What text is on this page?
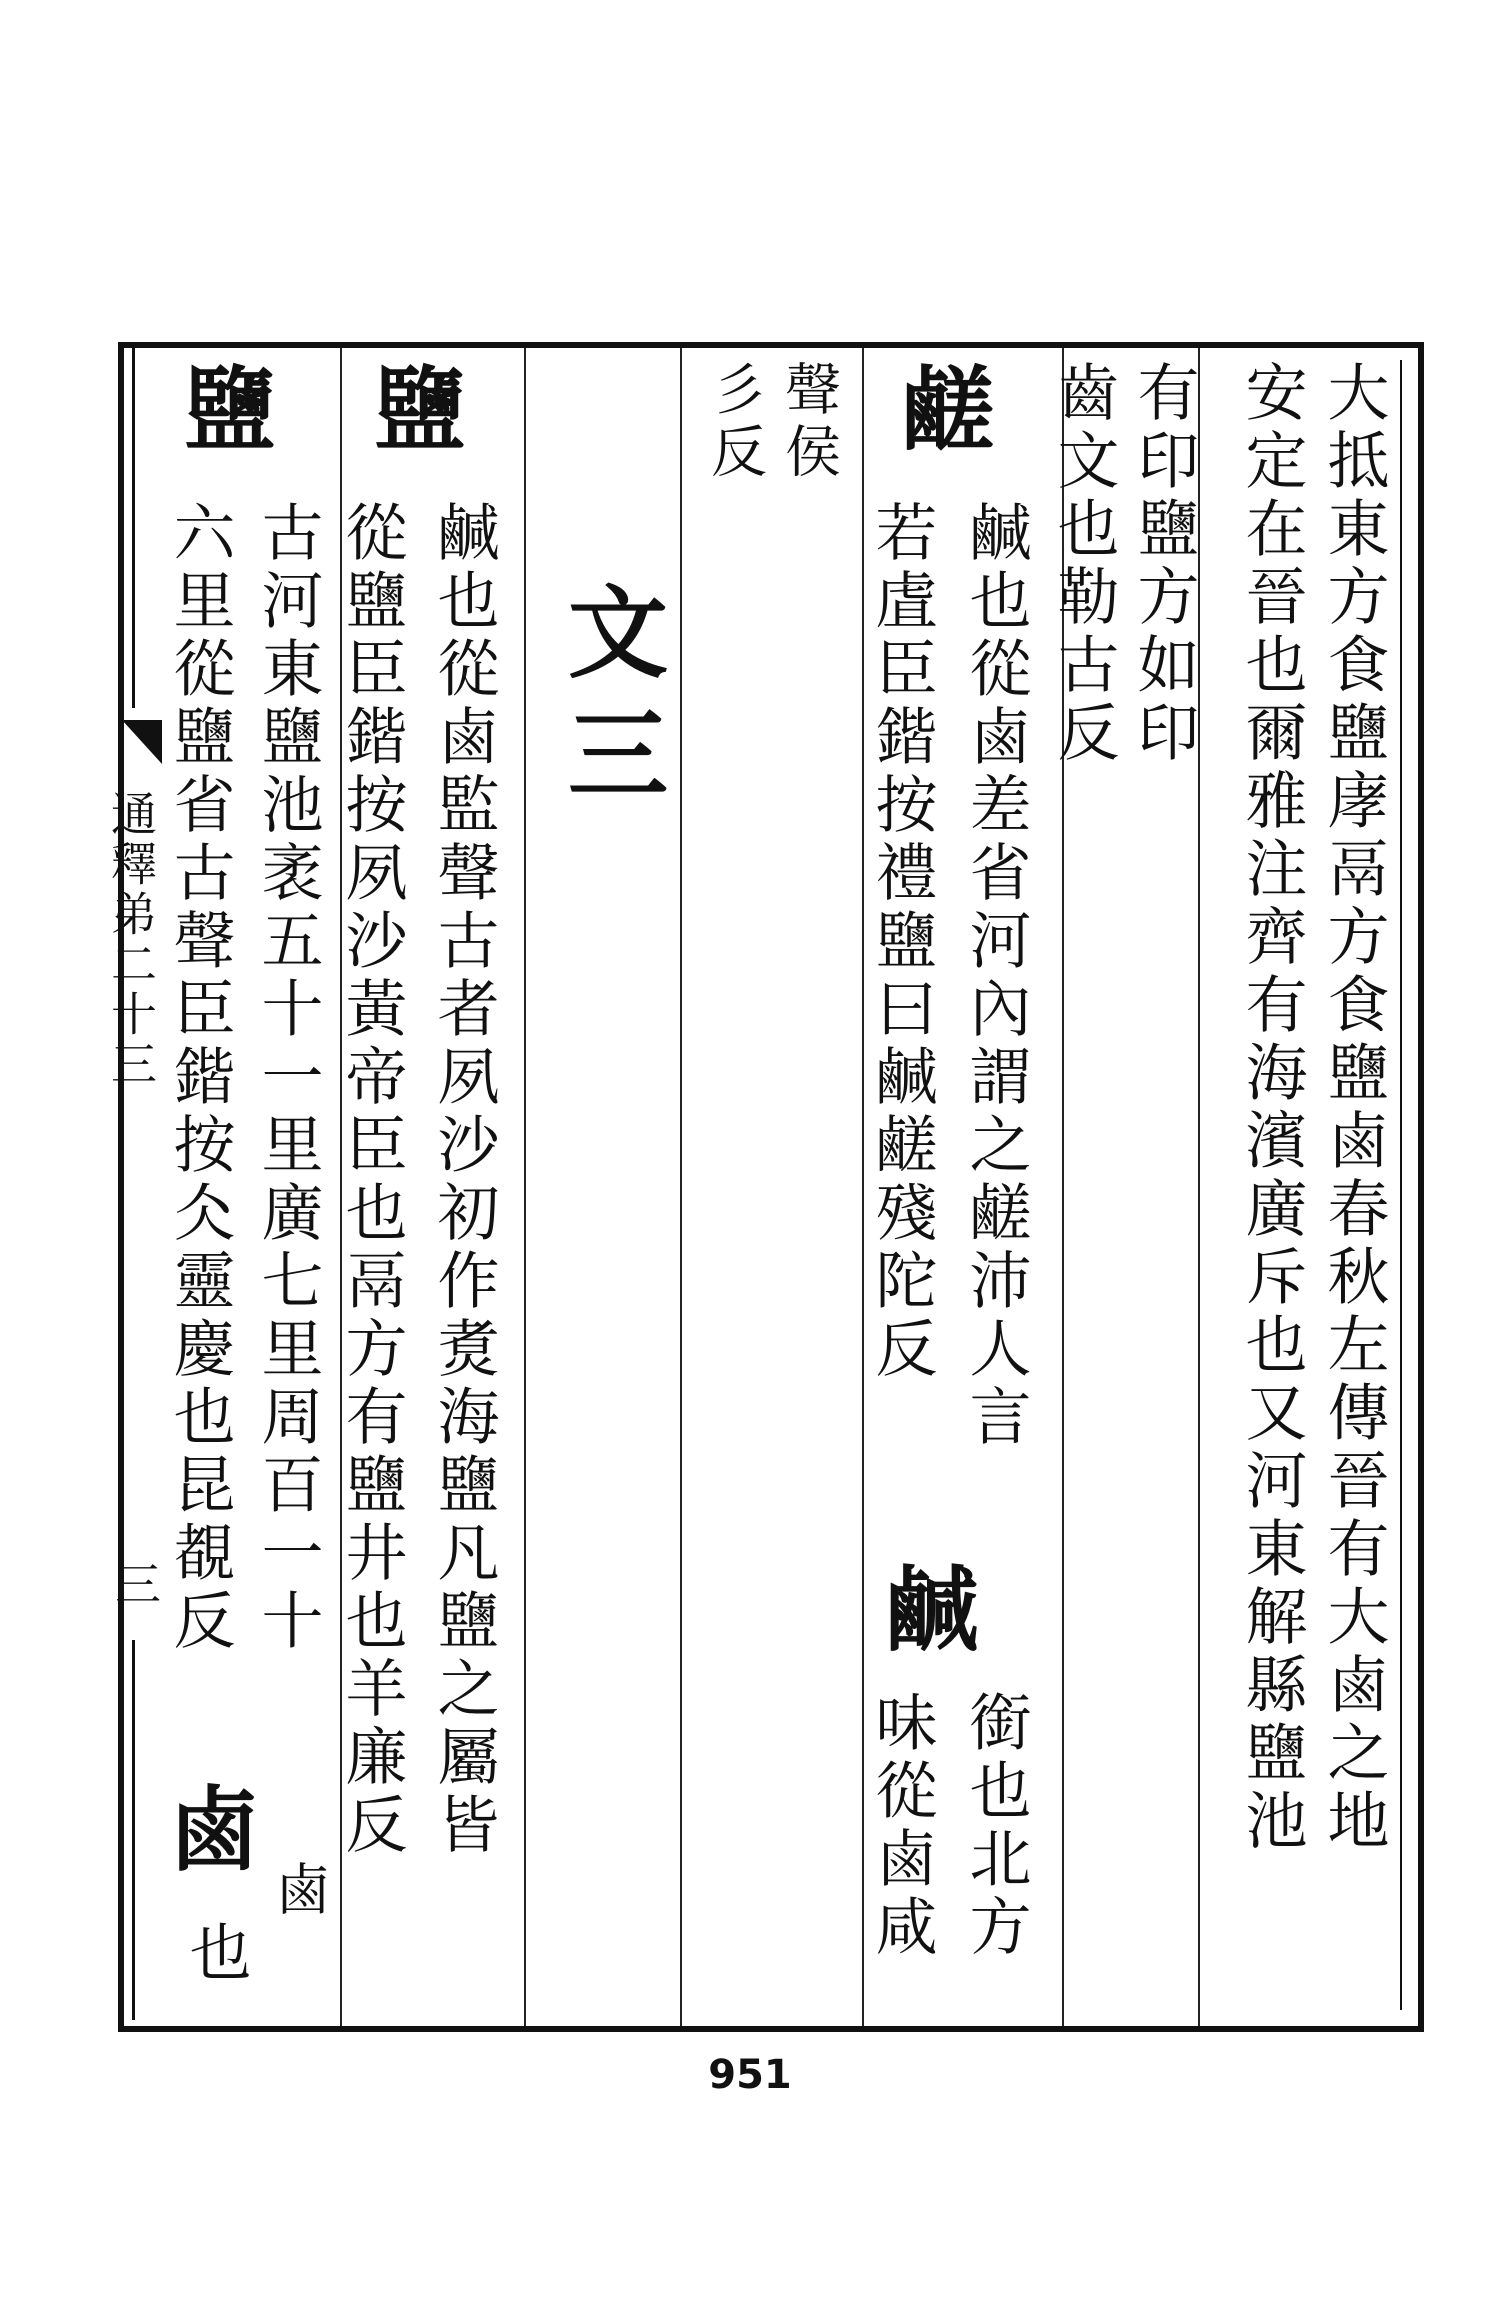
大抵東方食鹽庨鬲方食鹽鹵春秋左傳晉有大鹵之地
安定在晉也爾雅注齊有海濱廣斥也又河東解縣鹽池
有印鹽方如印
齒文也勒古反
鹺
鹹也從鹵差省河內謂之鹺沛人言
若虘臣鍇按禮鹽曰鹹鹺殘陀反
鹹
銜也北方
味從鹵咸
聲侯
彡反
文三
鹽
鹹也從鹵監聲古者夙沙初作煑海鹽凡鹽之屬皆
從鹽臣鍇按夙沙黃帝臣也鬲方有鹽井也羊廉反
鹽
古河東鹽池袤五十一里廣七里周百一十
六里從鹽省古聲臣鍇按仌靈慶也昆覩反
鹵
也
鹵
通釋弟二十三
三
951
